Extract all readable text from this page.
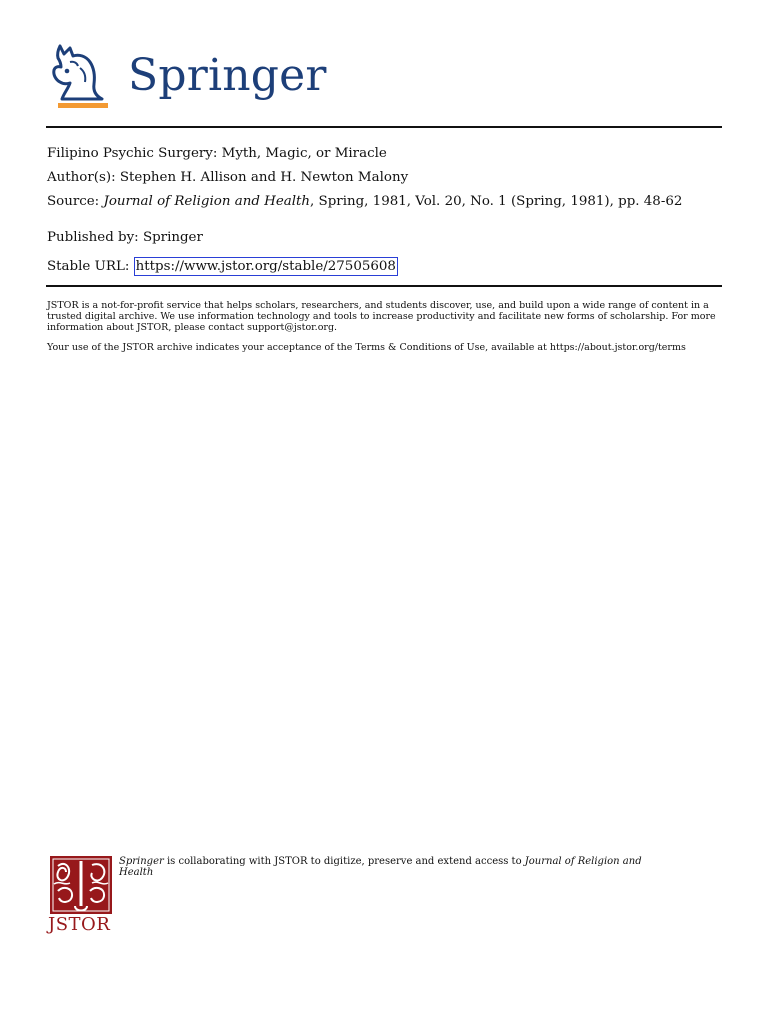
Springer
Filipino Psychic Surgery: Myth, Magic, or Miracle
Author(s): Stephen H. Allison and H. Newton Malony
Source: Journal of Religion and Health, Spring, 1981, Vol. 20, No. 1 (Spring, 1981), pp. 48-62
Published by: Springer
Stable URL: https://www.jstor.org/stable/27505608
JSTOR is a not-for-profit service that helps scholars, researchers, and students discover, use, and build upon a wide range of content in a trusted digital archive. We use information technology and tools to increase productivity and facilitate new forms of scholarship. For more information about JSTOR, please contact support@jstor.org.
Your use of the JSTOR archive indicates your acceptance of the Terms & Conditions of Use, available at https://about.jstor.org/terms
JSTOR
Springer is collaborating with JSTOR to digitize, preserve and extend access to Journal of Religion and Health
